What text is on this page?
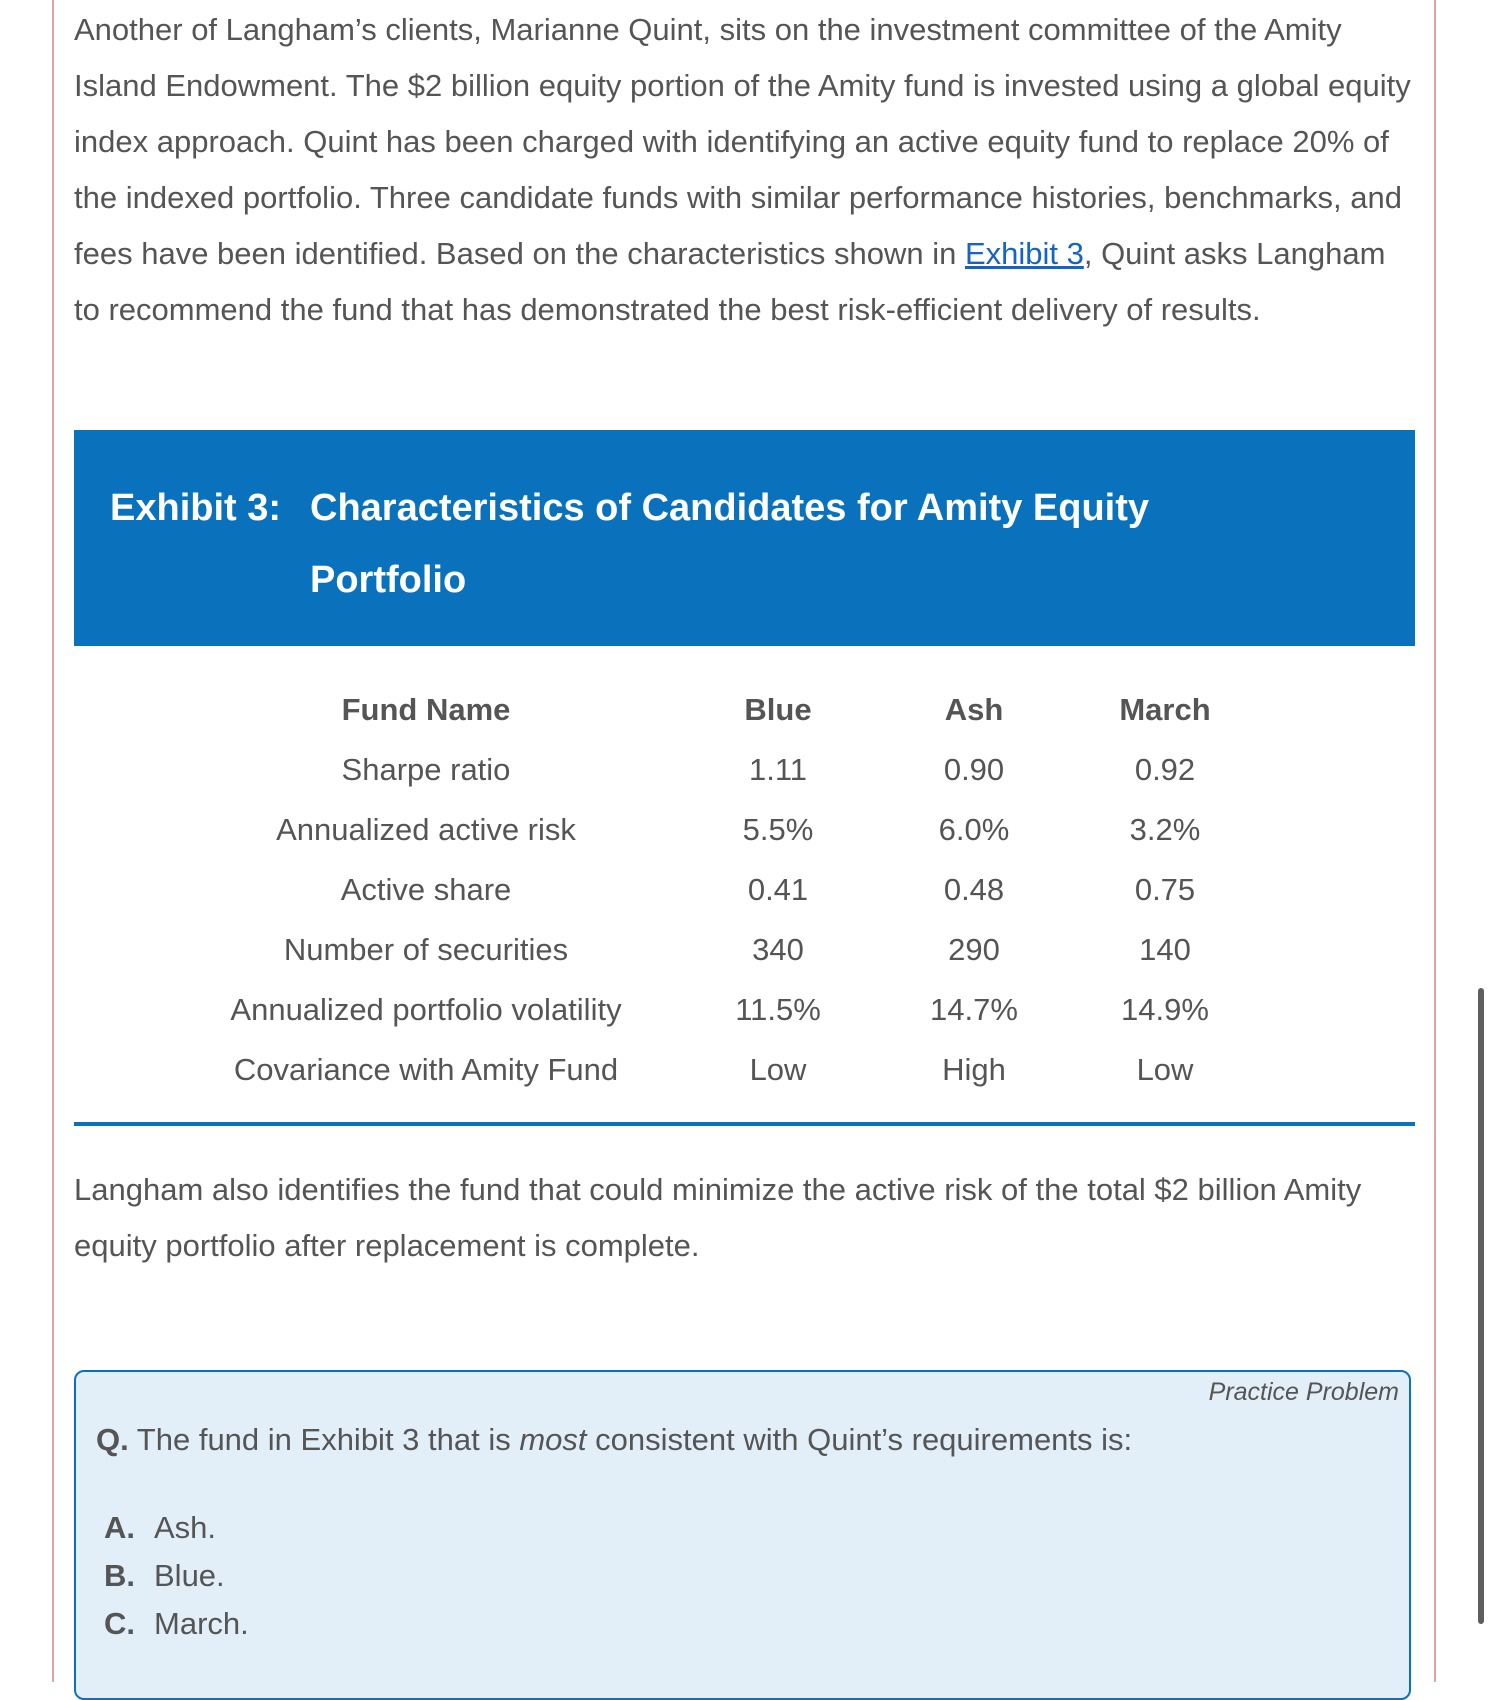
Another of Langham’s clients, Marianne Quint, sits on the investment committee of the Amity Island Endowment. The $2 billion equity portion of the Amity fund is invested using a global equity index approach. Quint has been charged with identifying an active equity fund to replace 20% of the indexed portfolio. Three candidate funds with similar performance histories, benchmarks, and fees have been identified. Based on the characteristics shown in Exhibit 3, Quint asks Langham to recommend the fund that has demonstrated the best risk-efficient delivery of results.

Exhibit 3: Characteristics of Candidates for Amity Equity Portfolio
Fund Name	Blue	Ash	March
Sharpe ratio	1.11	0.90	0.92
Annualized active risk	5.5%	6.0%	3.2%
Active share	0.41	0.48	0.75
Number of securities	340	290	140
Annualized portfolio volatility	11.5%	14.7%	14.9%
Covariance with Amity Fund	Low	High	Low

Langham also identifies the fund that could minimize the active risk of the total $2 billion Amity equity portfolio after replacement is complete.

Practice Problem
Q. The fund in Exhibit 3 that is most consistent with Quint’s requirements is:
A. Ash.
B. Blue.
C. March.
